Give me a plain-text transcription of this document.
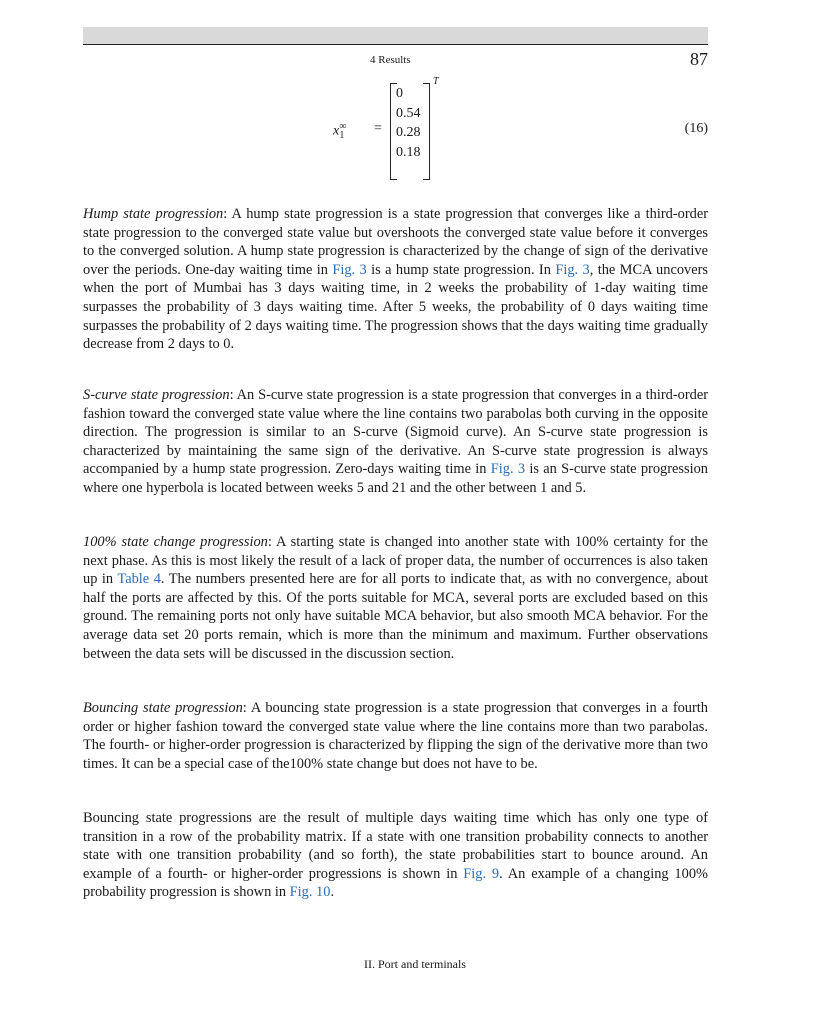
4 Results	87
$x^\infty_1$ =
0
0.54
0.28
0.18
T
(16)

Hump state progression: A hump state progression is a state progression that converges like a third-order state progression to the converged state value but overshoots the converged state value before it converges to the converged solution. A hump state progression is characterized by the change of sign of the derivative over the periods. One-day waiting time in Fig. 3 is a hump state progression. In Fig. 3, the MCA uncovers when the port of Mumbai has 3 days waiting time, in 2 weeks the probability of 1-day waiting time surpasses the probability of 3 days waiting time. After 5 weeks, the probability of 0 days waiting time surpasses the probability of 2 days waiting time. The progression shows that the days waiting time gradually decrease from 2 days to 0.

S-curve state progression: An S-curve state progression is a state progression that converges in a third-order fashion toward the converged state value where the line contains two parabolas both curving in the opposite direction. The progression is similar to an S-curve (Sigmoid curve). An S-curve state progression is characterized by maintaining the same sign of the derivative. An S-curve state progression is always accompanied by a hump state progression. Zero-days waiting time in Fig. 3 is an S-curve state progression where one hyperbola is located between weeks 5 and 21 and the other between 1 and 5.

100% state change progression: A starting state is changed into another state with 100% certainty for the next phase. As this is most likely the result of a lack of proper data, the number of occurrences is also taken up in Table 4. The numbers presented here are for all ports to indicate that, as with no convergence, about half the ports are affected by this. Of the ports suitable for MCA, several ports are excluded based on this ground. The remaining ports not only have suitable MCA behavior, but also smooth MCA behavior. For the average data set 20 ports remain, which is more than the minimum and maximum. Further observations between the data sets will be discussed in the discussion section.

Bouncing state progression: A bouncing state progression is a state progression that converges in a fourth order or higher fashion toward the converged state value where the line contains more than two parabolas. The fourth- or higher-order progression is characterized by flipping the sign of the derivative more than two times. It can be a special case of the100% state change but does not have to be.

Bouncing state progressions are the result of multiple days waiting time which has only one type of transition in a row of the probability matrix. If a state with one transition probability connects to another state with one transition probability (and so forth), the state probabilities start to bounce around. An example of a fourth- or higher-order progressions is shown in Fig. 9. An example of a changing 100% probability progression is shown in Fig. 10.

II. Port and terminals
